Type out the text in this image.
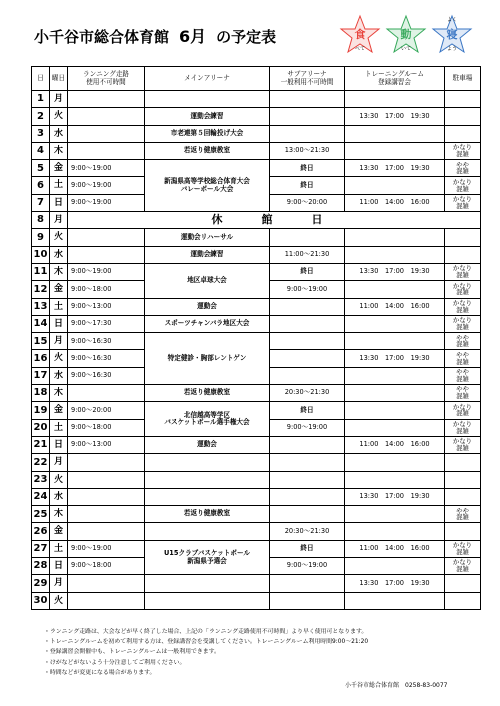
小千谷市総合体育館 6月 の予定表	食
べて
動
いて
よく
寝
よう
日	曜日	ランニング走路
使用不可時間	メインアリーナ	サブアリーナ
一般利用不可時間	トレーニングルーム
登録講習会	駐車場
1	月					
2	火		運動会練習		13:30　17:00　19:30	
3	水		市老連第５回輪投げ大会			
4	木		若返り健康教室	13:00～21:30		かなり
混雑
5	金	9:00～19:00	新潟県高等学校総合体育大会
バレーボール大会	終日	13:30　17:00　19:30	やや
混雑
6	土	9:00～19:00		終日		かなり
混雑
7	日	9:00～19:00		9:00～20:00	11:00　14:00　16:00	かなり
混雑
8	月	休　館　日				
9	火		運動会リハーサル			
10	水		運動会練習	11:00～21:30		
11	木	9:00～19:00	地区卓球大会	終日	13:30　17:00　19:30	かなり
混雑
12	金	9:00～18:00		9:00～19:00		かなり
混雑
13	土	9:00～13:00	運動会		11:00　14:00　16:00	かなり
混雑
14	日	9:00～17:30	スポーツチャンバラ地区大会			かなり
混雑
15	月	9:00～16:30	特定健診・胸部レントゲン			やや
混雑
16	火	9:00～16:30			13:30　17:00　19:30	やや
混雑
17	水	9:00～16:30				やや
混雑
18	木		若返り健康教室	20:30～21:30		やや
混雑
19	金	9:00～20:00	北信越高等学区
バスケットボール選手権大会	終日		かなり
混雑
20	土	9:00～18:00		9:00～19:00		かなり
混雑
21	日	9:00～13:00	運動会		11:00　14:00　16:00	かなり
混雑
22	月					
23	火					
24	水				13:30　17:00　19:30	
25	木		若返り健康教室			やや
混雑
26	金			20:30～21:30		
27	土	9:00～19:00	U15クラブバスケットボール
新潟県予選会	終日	11:00　14:00　16:00	かなり
混雑
28	日	9:00～18:00		9:00～19:00		かなり
混雑
29	月				13:30　17:00　19:30	
30	火					
・ランニング走路は、大会などが早く終了した場合、上記の「ランニング走路使用不可時間」より早く使用可となります。
・トレーニングルームを初めて利用する方は、登録講習会を受講してください。トレーニングルーム利用時間9:00～21:20
・登録講習会開催中も、トレーニングルームは一般利用できます。
・けがなどがないよう十分注意してご利用ください。
・時間などが変更になる場合があります。
小千谷市総合体育館　0258-83-0077
